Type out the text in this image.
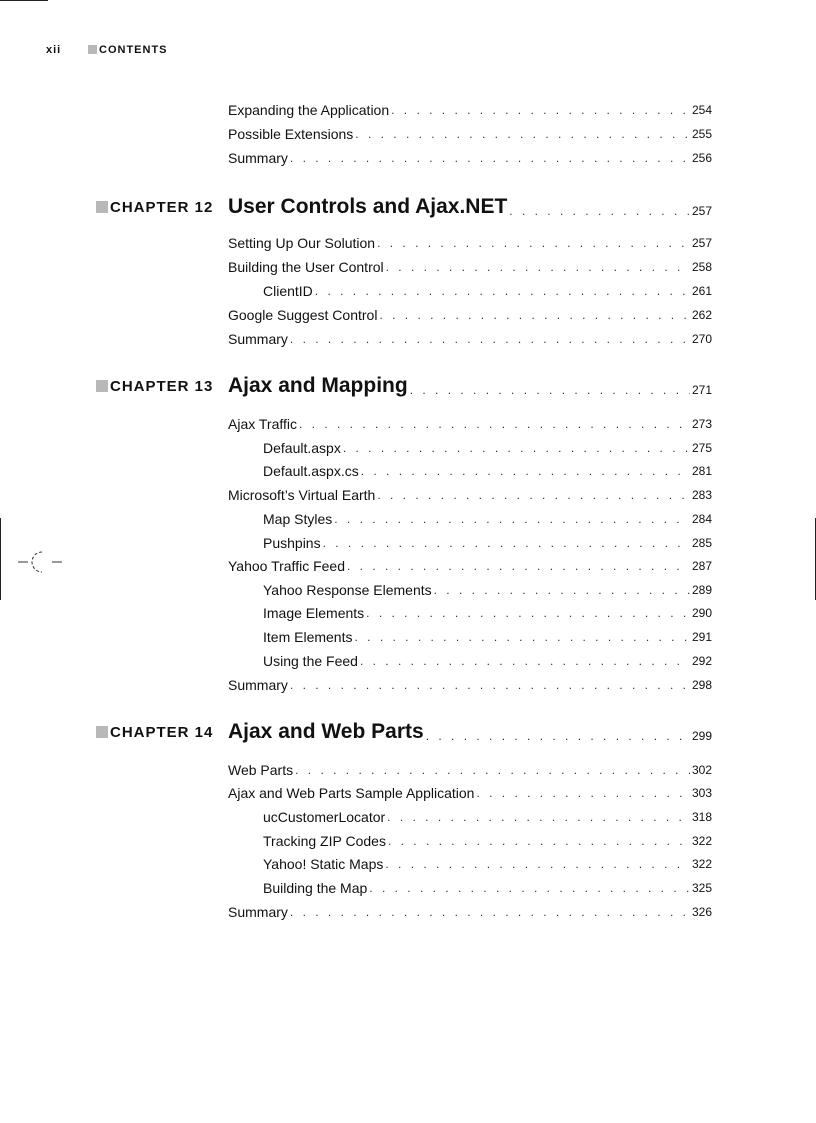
xii	CONTENTS
Expanding the Application . . .	254
Possible Extensions . . .	255
Summary . . .	256
CHAPTER 12 User Controls and Ajax.NET . . .	257
Setting Up Our Solution . . .	257
Building the User Control . . .	258
ClientID . . .	261
Google Suggest Control . . .	262
Summary . . .	270
CHAPTER 13 Ajax and Mapping . . .	271
Ajax Traffic . . .	273
Default.aspx . . .	275
Default.aspx.cs . . .	281
Microsoft’s Virtual Earth . . .	283
Map Styles . . .	284
Pushpins . . .	285
Yahoo Traffic Feed . . .	287
Yahoo Response Elements . . .	289
Image Elements . . .	290
Item Elements . . .	291
Using the Feed . . .	292
Summary . . .	298
CHAPTER 14 Ajax and Web Parts . . .	299
Web Parts . . .	302
Ajax and Web Parts Sample Application . . .	303
ucCustomerLocator . . .	318
Tracking ZIP Codes . . .	322
Yahoo! Static Maps . . .	322
Building the Map . . .	325
Summary . . .	326
